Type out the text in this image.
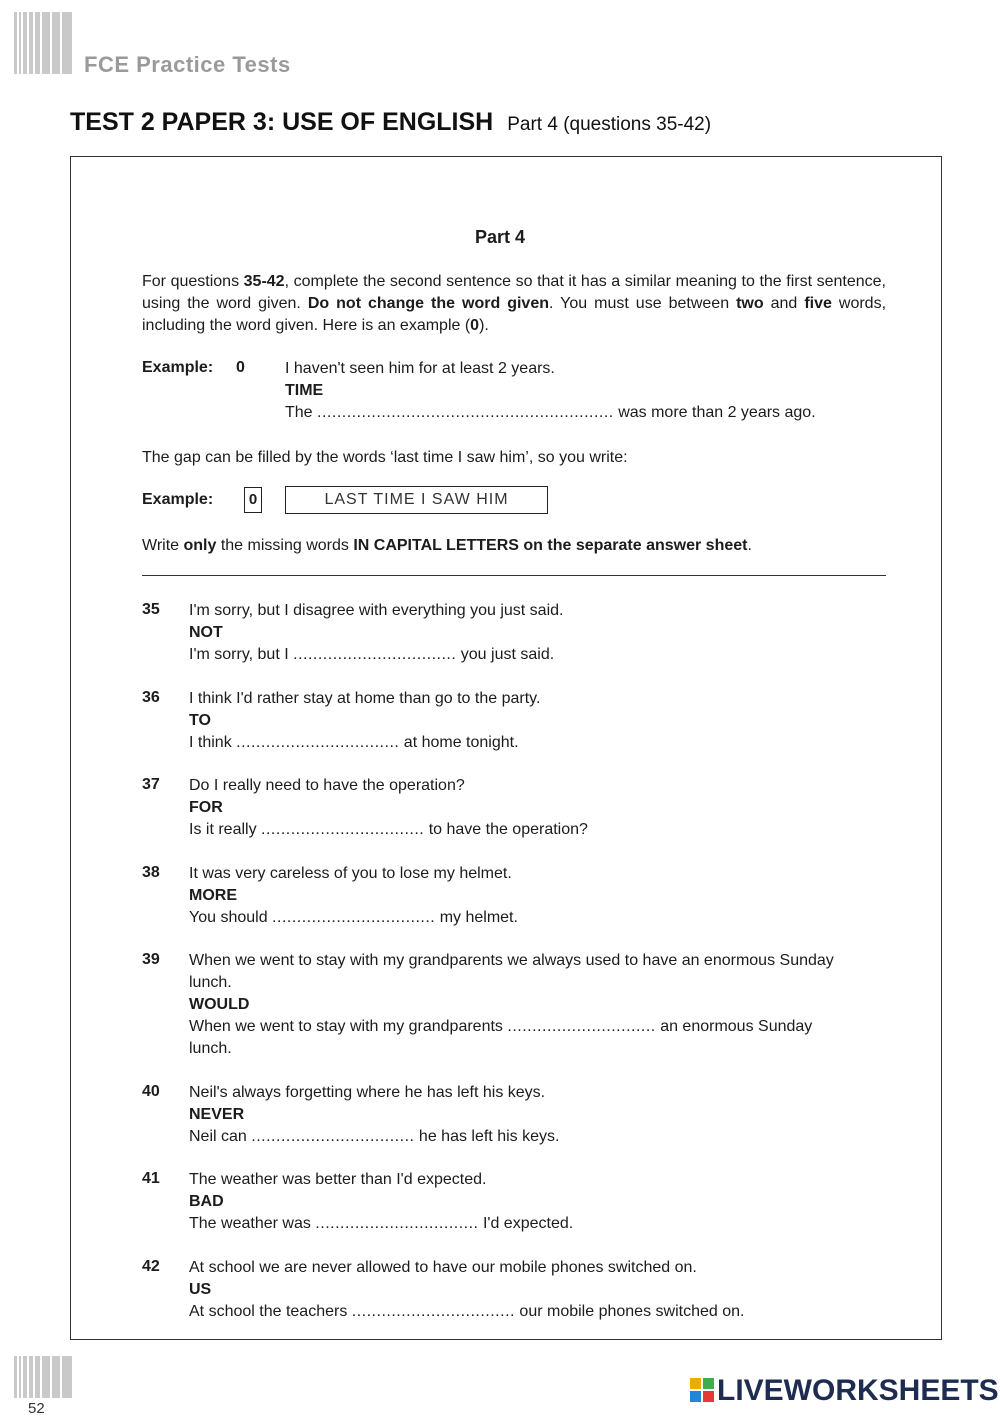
FCE Practice Tests
TEST 2 PAPER 3: USE OF ENGLISH Part 4 (questions 35-42)
Part 4
For questions 35-42, complete the second sentence so that it has a similar meaning to the first sentence, using the word given. Do not change the word given. You must use between two and five words, including the word given. Here is an example (0).
Example: 0	I haven't seen him for at least 2 years.
TIME
The ............................................................ was more than 2 years ago.
The gap can be filled by the words ‘last time I saw him’, so you write:
Example:	0	LAST TIME I SAW HIM
Write only the missing words IN CAPITAL LETTERS on the separate answer sheet.
35 I'm sorry, but I disagree with everything you just said.
NOT
I'm sorry, but I ................................. you just said.
36 I think I'd rather stay at home than go to the party.
TO
I think ................................. at home tonight.
37 Do I really need to have the operation?
FOR
Is it really ................................. to have the operation?
38 It was very careless of you to lose my helmet.
MORE
You should ................................. my helmet.
39 When we went to stay with my grandparents we always used to have an enormous Sunday lunch.
WOULD
When we went to stay with my grandparents .............................. an enormous Sunday lunch.
40 Neil's always forgetting where he has left his keys.
NEVER
Neil can ................................. he has left his keys.
41 The weather was better than I'd expected.
BAD
The weather was ................................. I'd expected.
42 At school we are never allowed to have our mobile phones switched on.
US
At school the teachers ................................. our mobile phones switched on.
52
LIVEWORKSHEETS
